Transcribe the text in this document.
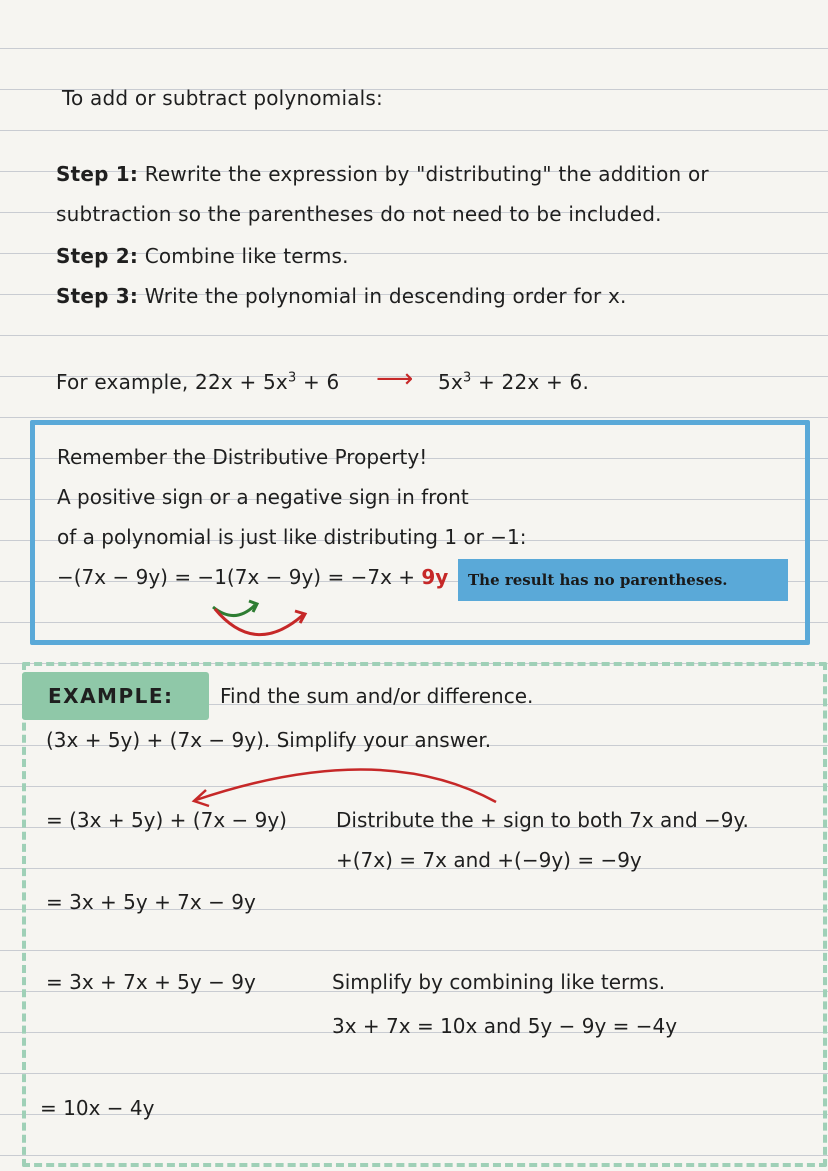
To add or subtract polynomials:
Step 1: Rewrite the expression by "distributing" the addition or
subtraction so the parentheses do not need to be included.
Step 2: Combine like terms.
Step 3: Write the polynomial in descending order for x.
For example, $22x + 5x^3 + 6$ ⟶ $5x^3 + 22x + 6$.
Remember the Distributive Property!
A positive sign or a negative sign in front
of a polynomial is just like distributing 1 or −1:
−(7x − 9y) = −1(7x − 9y) = −7x + 9y The result has no parentheses.
EXAMPLE: Find the sum and/or difference.
(3x + 5y) + (7x − 9y). Simplify your answer.
= (3x + 5y) + (7x − 9y) Distribute the + sign to both 7x and −9y.
+(7x) = 7x and +(−9y) = −9y
= 3x + 5y + 7x − 9y
= 3x + 7x + 5y − 9y	Simplify by combining like terms.
3x + 7x = 10x and 5y − 9y = −4y
= 10x − 4y
